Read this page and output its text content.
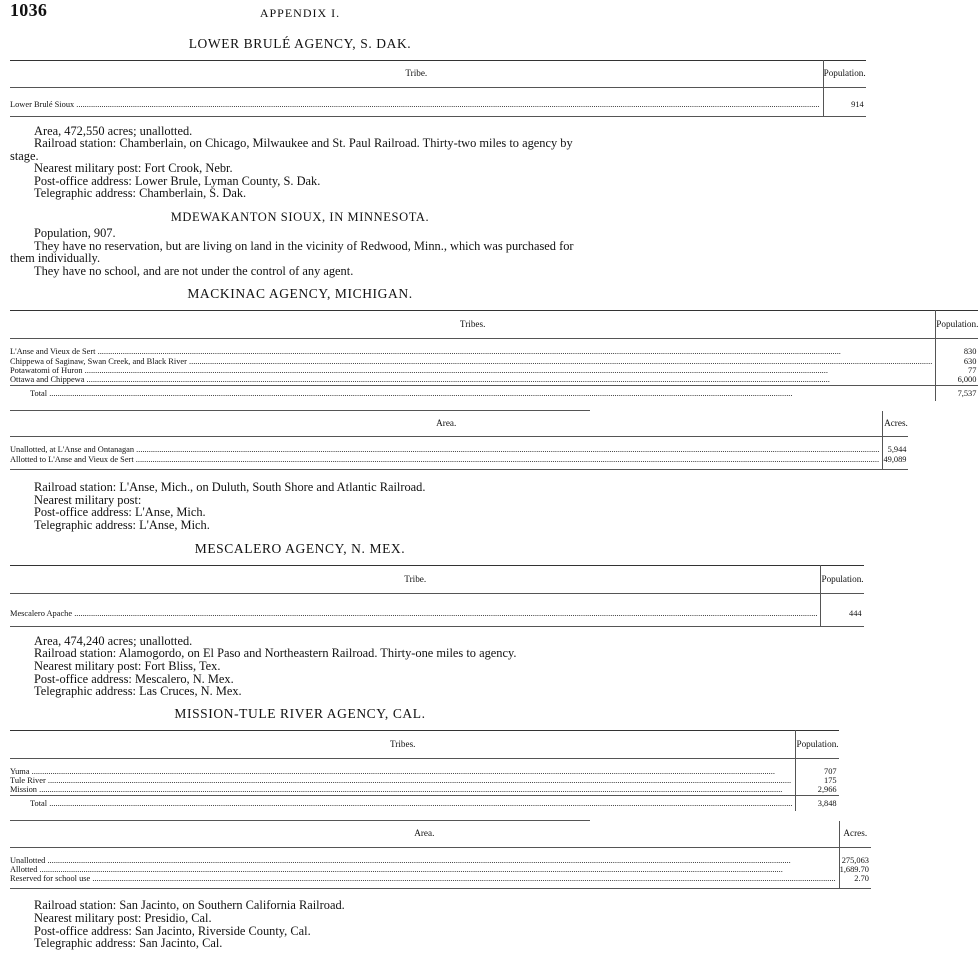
1036	APPENDIX I.
LOWER BRULÉ AGENCY, S. DAK.
Tribe.	Population.

Lower Brulé Sioux .....	914

Area, 472,550 acres; unallotted.

Railroad station: Chamberlain, on Chicago, Milwaukee and St. Paul Railroad. Thirty-two miles to agency by stage.

Nearest military post: Fort Crook, Nebr.

Post-office address: Lower Brule, Lyman County, S. Dak.

Telegraphic address: Chamberlain, S. Dak.

MDEWAKANTON SIOUX, IN MINNESOTA.

Population, 907.

They have no reservation, but are living on land in the vicinity of Redwood, Minn., which was purchased for them individually.

They have no school, and are not under the control of any agent.

MACKINAC AGENCY, MICHIGAN.
Tribes.	Population.

L'Anse and Vieux de Sert .....	830

Chippewa of Saginaw, Swan Creek, and Black River .....	630

Potawatomi of Huron .....	77

Ottawa and Chippewa .....	6,000

Total .....	7,537
Area.	Acres.

Unallotted, at L'Anse and Ontanagan .....	5,944

Allotted to L'Anse and Vieux de Sert .....	49,089

Railroad station: L'Anse, Mich., on Duluth, South Shore and Atlantic Railroad.

Nearest military post:

Post-office address: L'Anse, Mich.

Telegraphic address: L'Anse, Mich.

MESCALERO AGENCY, N. MEX.
Tribe.	Population.

Mescalero Apache .....	444

Area, 474,240 acres; unallotted.

Railroad station: Alamogordo, on El Paso and Northeastern Railroad. Thirty-one miles to agency.

Nearest military post: Fort Bliss, Tex.

Post-office address: Mescalero, N. Mex.

Telegraphic address: Las Cruces, N. Mex.

MISSION-TULE RIVER AGENCY, CAL.
Tribes.	Population.

Yuma .....	707

Tule River .....	175

Mission .....	2,966

Total .....	3,848
Area.	Acres.

Unallotted .....	275,063

Allotted .....	1,689.70

Reserved for school use .....	2.70

Railroad station: San Jacinto, on Southern California Railroad.

Nearest military post: Presidio, Cal.

Post-office address: San Jacinto, Riverside County, Cal.

Telegraphic address: San Jacinto, Cal.
